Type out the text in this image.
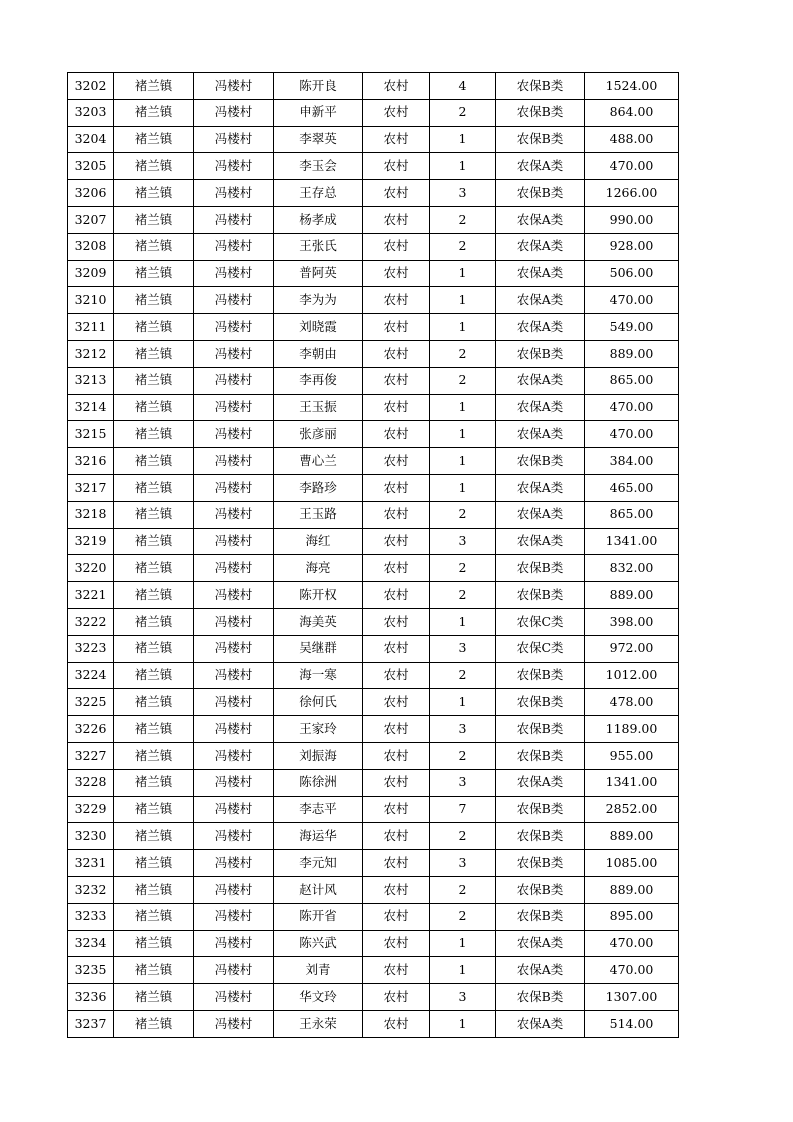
3202	褚兰镇	冯楼村	陈开良	农村	4	农保B类	1524.00
3203	褚兰镇	冯楼村	申新平	农村	2	农保B类	864.00
3204	褚兰镇	冯楼村	李翠英	农村	1	农保B类	488.00
3205	褚兰镇	冯楼村	李玉会	农村	1	农保A类	470.00
3206	褚兰镇	冯楼村	王存总	农村	3	农保B类	1266.00
3207	褚兰镇	冯楼村	杨孝成	农村	2	农保A类	990.00
3208	褚兰镇	冯楼村	王张氏	农村	2	农保A类	928.00
3209	褚兰镇	冯楼村	普阿英	农村	1	农保A类	506.00
3210	褚兰镇	冯楼村	李为为	农村	1	农保A类	470.00
3211	褚兰镇	冯楼村	刘晓霞	农村	1	农保A类	549.00
3212	褚兰镇	冯楼村	李朝由	农村	2	农保B类	889.00
3213	褚兰镇	冯楼村	李再俊	农村	2	农保A类	865.00
3214	褚兰镇	冯楼村	王玉振	农村	1	农保A类	470.00
3215	褚兰镇	冯楼村	张彦丽	农村	1	农保A类	470.00
3216	褚兰镇	冯楼村	曹心兰	农村	1	农保B类	384.00
3217	褚兰镇	冯楼村	李路珍	农村	1	农保A类	465.00
3218	褚兰镇	冯楼村	王玉路	农村	2	农保A类	865.00
3219	褚兰镇	冯楼村	海红	农村	3	农保A类	1341.00
3220	褚兰镇	冯楼村	海亮	农村	2	农保B类	832.00
3221	褚兰镇	冯楼村	陈开权	农村	2	农保B类	889.00
3222	褚兰镇	冯楼村	海美英	农村	1	农保C类	398.00
3223	褚兰镇	冯楼村	吴继群	农村	3	农保C类	972.00
3224	褚兰镇	冯楼村	海一寒	农村	2	农保B类	1012.00
3225	褚兰镇	冯楼村	徐何氏	农村	1	农保B类	478.00
3226	褚兰镇	冯楼村	王家玲	农村	3	农保B类	1189.00
3227	褚兰镇	冯楼村	刘振海	农村	2	农保B类	955.00
3228	褚兰镇	冯楼村	陈徐洲	农村	3	农保A类	1341.00
3229	褚兰镇	冯楼村	李志平	农村	7	农保B类	2852.00
3230	褚兰镇	冯楼村	海运华	农村	2	农保B类	889.00
3231	褚兰镇	冯楼村	李元知	农村	3	农保B类	1085.00
3232	褚兰镇	冯楼村	赵计风	农村	2	农保B类	889.00
3233	褚兰镇	冯楼村	陈开省	农村	2	农保B类	895.00
3234	褚兰镇	冯楼村	陈兴武	农村	1	农保A类	470.00
3235	褚兰镇	冯楼村	刘青	农村	1	农保A类	470.00
3236	褚兰镇	冯楼村	华文玲	农村	3	农保B类	1307.00
3237	褚兰镇	冯楼村	王永荣	农村	1	农保A类	514.00
